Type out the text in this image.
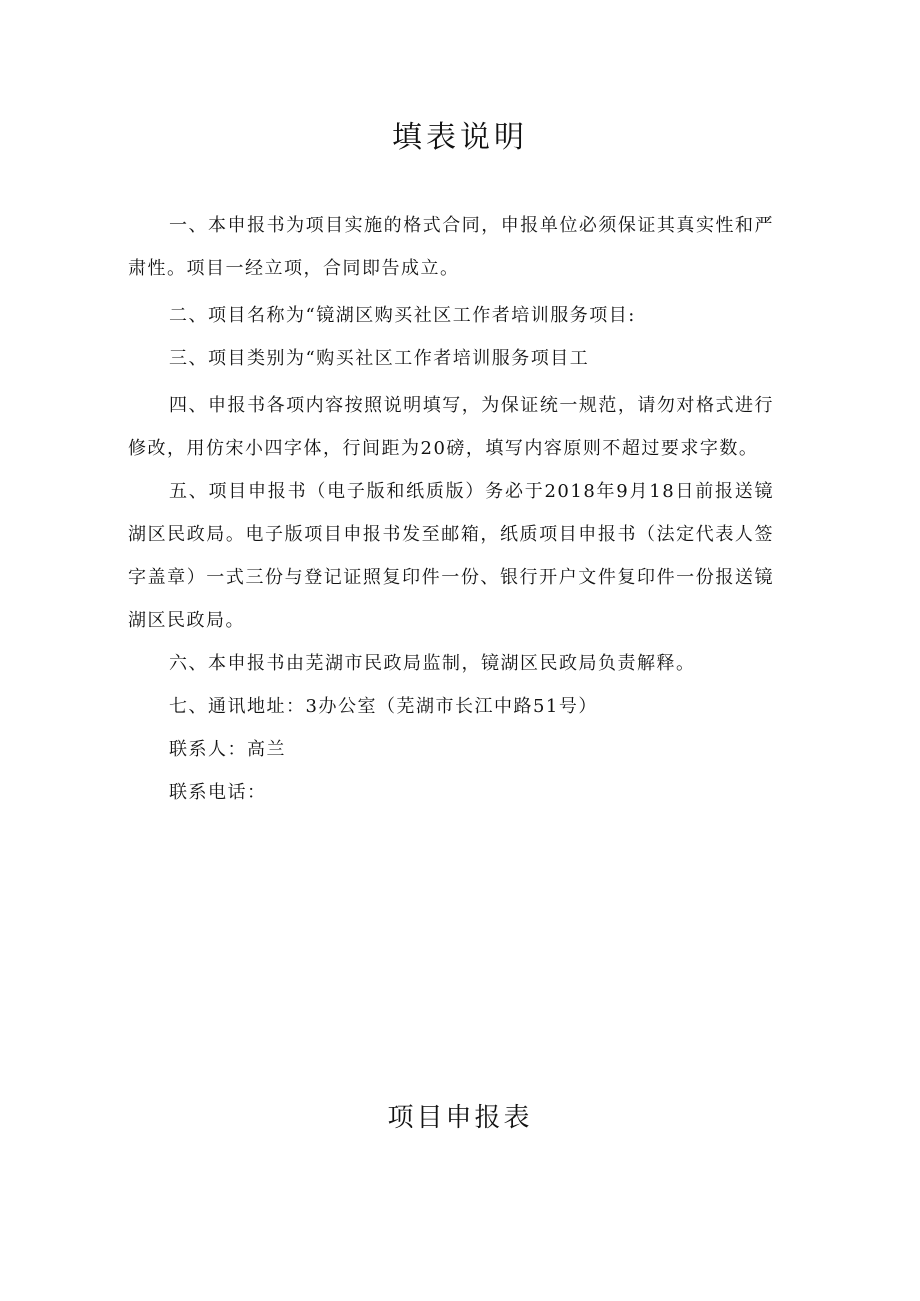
填表说明

一、本申报书为项目实施的格式合同，申报单位必须保证其真实性和严肃性。项目一经立项，合同即告成立。

二、项目名称为“镜湖区购买社区工作者培训服务项目:

三、项目类别为“购买社区工作者培训服务项目工

四、申报书各项内容按照说明填写，为保证统一规范，请勿对格式进行修改，用仿宋小四字体，行间距为20磅，填写内容原则不超过要求字数。

五、项目申报书（电子版和纸质版）务必于2018年9月18日前报送镜湖区民政局。电子版项目申报书发至邮箱，纸质项目申报书（法定代表人签字盖章）一式三份与登记证照复印件一份、银行开户文件复印件一份报送镜湖区民政局。

六、本申报书由芜湖市民政局监制，镜湖区民政局负责解释。

七、通讯地址：3办公室（芜湖市长江中路51号）

联系人：高兰

联系电话：

项目申报表
